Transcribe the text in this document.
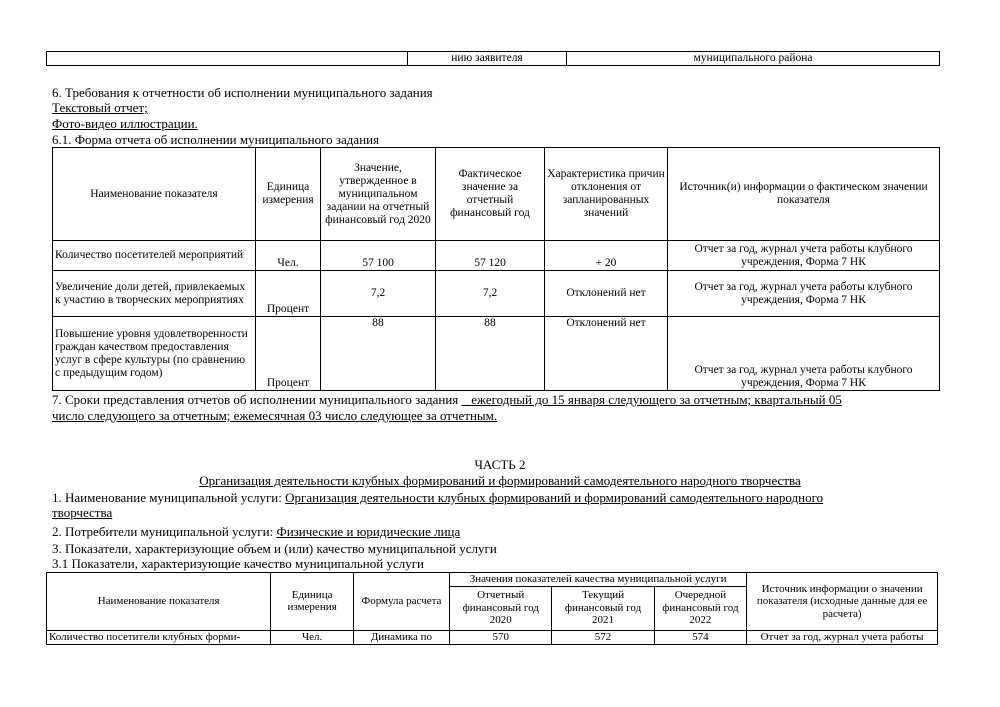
	нию заявителя	муниципального района
6. Требования к отчетности об исполнении муниципального задания
Текстовый отчет;
Фото-видео иллюстрации.
6.1. Форма отчета об исполнении муниципального задания
Наименование показателя	Единица измерения	Значение, утвержденное в муниципальном задании на отчетный финансовый год 2020	Фактическое значение за отчетный финансовый год	Характеристика причин отклонения от запланированных значений	Источник(и) информации о фактическом значении показателя
Количество посетителей мероприятий	Чел.	57 100	57 120	+ 20	Отчет за год, журнал учета работы клубного учреждения, Форма 7 НК
Увеличение доли детей, привлекаемых к участию в творческих мероприятиях	Процент	7,2	7,2	Отклонений нет	Отчет за год, журнал учета работы клубного учреждения, Форма 7 НК
Повышение уровня удовлетворенности граждан качеством предоставления услуг в сфере культуры (по сравнению с предыдущим годом)	Процент	88	88	Отклонений нет	Отчет за год, журнал учета работы клубного учреждения, Форма 7 НК
7. Сроки представления отчетов об исполнении муниципального задания _ ежегодный до 15 января следующего за отчетным; квартальный 05
число следующего за отчетным; ежемесячная 03 число следующее за отчетным.
ЧАСТЬ 2
Организация деятельности клубных формирований и формирований самодеятельного народного творчества
1. Наименование муниципальной услуги: Организация деятельности клубных формирований и формирований самодеятельного народного
творчества
2. Потребители муниципальной услуги: Физические и юридические лица
3. Показатели, характеризующие объем и (или) качество муниципальной услуги
3.1 Показатели, характеризующие качество муниципальной услуги
Наименование показателя	Единица измерения	Формула расчета	Значения показателей качества муниципальной услуги			Источник информации о значении показателя (исходные данные для ее расчета)
			Отчетный финансовый год 2020	Текущий финансовый год 2021	Очередной финансовый год 2022	
Количество посетители клубных форми-	Чел.	Динамика по	570	572	574	Отчет за год, журнал учета работы
